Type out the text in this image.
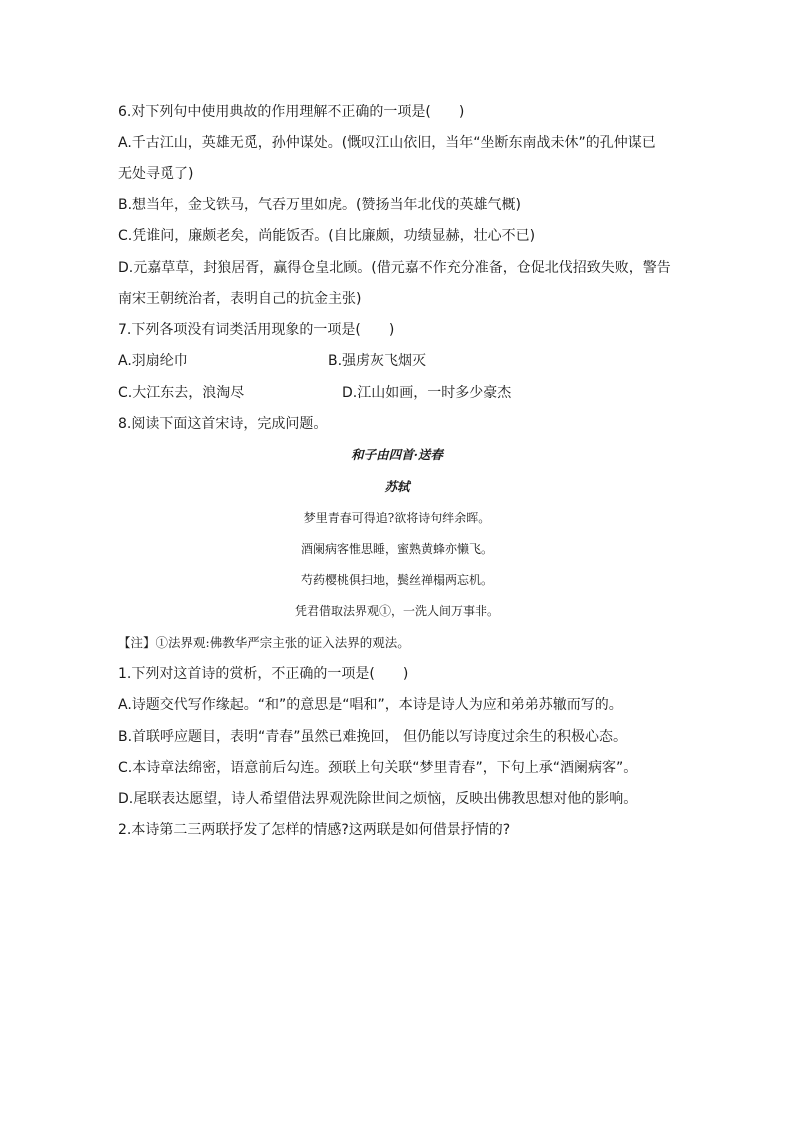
6.对下列句中使用典故的作用理解不正确的一项是(　　)
A.千古江山，英雄无觅，孙仲谋处。(慨叹江山依旧，当年“坐断东南战未休”的孔仲谋已
无处寻觅了)
B.想当年，金戈铁马，气吞万里如虎。(赞扬当年北伐的英雄气概)
C.凭谁问，廉颇老矣，尚能饭否。(自比廉颇，功绩显赫，壮心不已)
D.元嘉草草，封狼居胥，赢得仓皇北顾。(借元嘉不作充分准备，仓促北伐招致失败，警告
南宋王朝统治者，表明自己的抗金主张)
7.下列各项没有词类活用现象的一项是(　　)
A.羽扇纶巾	B.强虏灰飞烟灭
C.大江东去，浪淘尽	D.江山如画，一时多少豪杰
8.阅读下面这首宋诗，完成问题。
和子由四首·送春
苏轼
梦里青春可得追?欲将诗句绊余晖。
酒阑病客惟思睡，蜜熟黄蜂亦懒飞。
芍药樱桃俱扫地，鬓丝禅榻两忘机。
凭君借取法界观①，一洗人间万事非。
【注】①法界观:佛教华严宗主张的证入法界的观法。
1.下列对这首诗的赏析，不正确的一项是(　　)
A.诗题交代写作缘起。“和”的意思是“唱和”，本诗是诗人为应和弟弟苏辙而写的。
B.首联呼应题目，表明“青春”虽然已难挽回， 但仍能以写诗度过余生的积极心态。
C.本诗章法绵密，语意前后勾连。颈联上句关联“梦里青春”，下句上承“酒阑病客”。
D.尾联表达愿望，诗人希望借法界观洗除世间之烦恼，反映出佛教思想对他的影响。
2.本诗第二三两联抒发了怎样的情感?这两联是如何借景抒情的?
